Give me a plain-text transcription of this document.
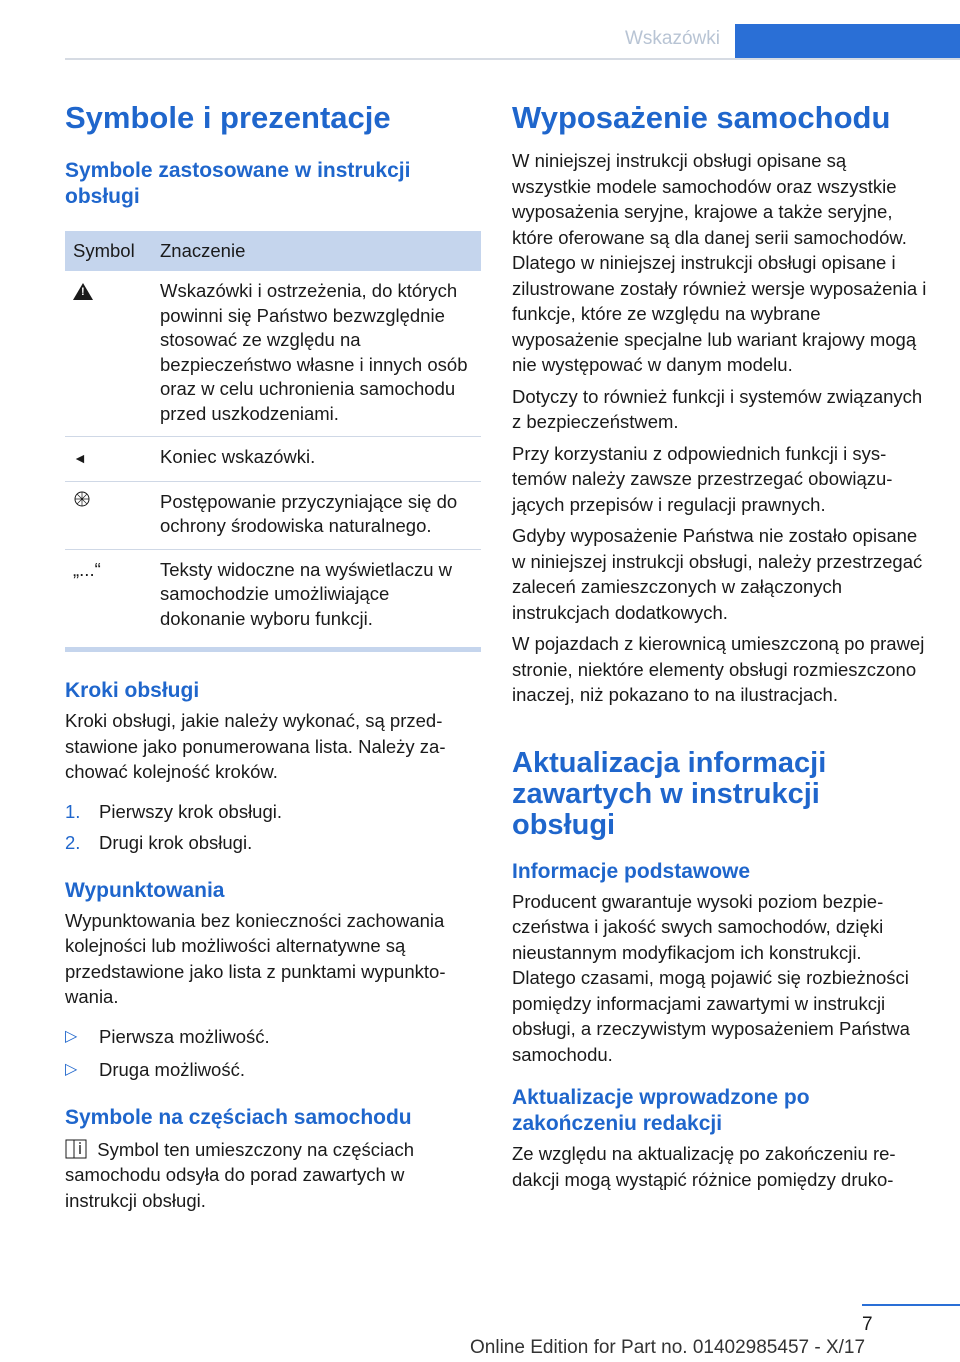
Wskazówki
Symbole i prezentacje
Symbole zastosowane w instrukcji obsługi
Symbol	Znaczenie

!	Wskazówki i ostrzeżenia, do których powinni się Państwo bezwzględnie stosować ze względu na bezpieczeństwo własne i innych osób oraz w celu uchronienia samochodu przed uszkodzeniami.
◄	Koniec wskazówki.
	Postępowanie przyczyniające się do ochrony środowiska naturalnego.
„...“	Teksty widoczne na wyświetlaczu w samochodzie umożliwiające dokonanie wyboru funkcji.
Kroki obsługi

Kroki obsługi, jakie należy wykonać, są przedstawione jako ponumerowana lista. Należy zachować kolejność kroków.

1. Pierwszy krok obsługi.
2. Drugi krok obsługi.
Wypunktowania

Wypunktowania bez konieczności zachowania kolejności lub możliwości alternatywne są przedstawione jako lista z punktami wypunktowania.

▷ Pierwsza możliwość.
▷ Druga możliwość.
Symbole na częściach samochodu

Symbol ten umieszczony na częściach samochodu odsyła do porad zawartych w instrukcji obsługi.

Wyposażenie samochodu

W niniejszej instrukcji obsługi opisane są wszystkie modele samochodów oraz wszystkie wyposażenia seryjne, krajowe a także seryjne, które oferowane są dla danej serii samochodów. Dlatego w niniejszej instrukcji obsługi opisane i zilustrowane zostały również wersje wyposażenia i funkcje, które ze względu na wybrane wyposażenie specjalne lub wariant krajowy mogą nie występować w danym modelu.

Dotyczy to również funkcji i systemów związanych z bezpieczeństwem.

Przy korzystaniu z odpowiednich funkcji i systemów należy zawsze przestrzegać obowiązujących przepisów i regulacji prawnych.

Gdyby wyposażenie Państwa nie zostało opisane w niniejszej instrukcji obsługi, należy przestrzegać zaleceń zamieszczonych w załączonych instrukcjach dodatkowych.

W pojazdach z kierownicą umieszczoną po prawej stronie, niektóre elementy obsługi rozmieszczono inaczej, niż pokazano to na ilustracjach.

Aktualizacja informacji zawartych w instrukcji obsługi
Informacje podstawowe

Producent gwarantuje wysoki poziom bezpieczeństwa i jakość swych samochodów, dzięki nieustannym modyfikacjom ich konstrukcji. Dlatego czasami, mogą pojawić się rozbieżności pomiędzy informacjami zawartymi w instrukcji obsługi, a rzeczywistym wyposażeniem Państwa samochodu.

Aktualizacje wprowadzone po zakończeniu redakcji

Ze względu na aktualizację po zakończeniu redakcji mogą wystąpić różnice pomiędzy druko-

7
Online Edition for Part no. 01402985457 - X/17
